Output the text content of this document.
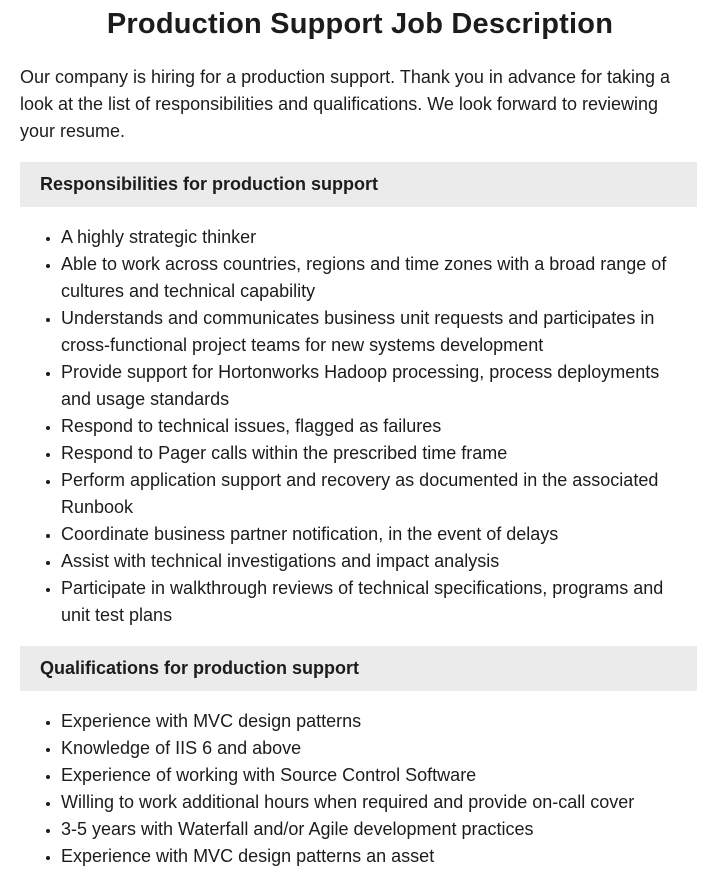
Production Support Job Description

Our company is hiring for a production support. Thank you in advance for taking a look at the list of responsibilities and qualifications. We look forward to reviewing your resume.

Responsibilities for production support
• A highly strategic thinker
• Able to work across countries, regions and time zones with a broad range of cultures and technical capability
• Understands and communicates business unit requests and participates in cross-functional project teams for new systems development
• Provide support for Hortonworks Hadoop processing, process deployments and usage standards
• Respond to technical issues, flagged as failures
• Respond to Pager calls within the prescribed time frame
• Perform application support and recovery as documented in the associated Runbook
• Coordinate business partner notification, in the event of delays
• Assist with technical investigations and impact analysis
• Participate in walkthrough reviews of technical specifications, programs and unit test plans
Qualifications for production support
• Experience with MVC design patterns
• Knowledge of IIS 6 and above
• Experience of working with Source Control Software
• Willing to work additional hours when required and provide on-call cover
• 3-5 years with Waterfall and/or Agile development practices
• Experience with MVC design patterns an asset
